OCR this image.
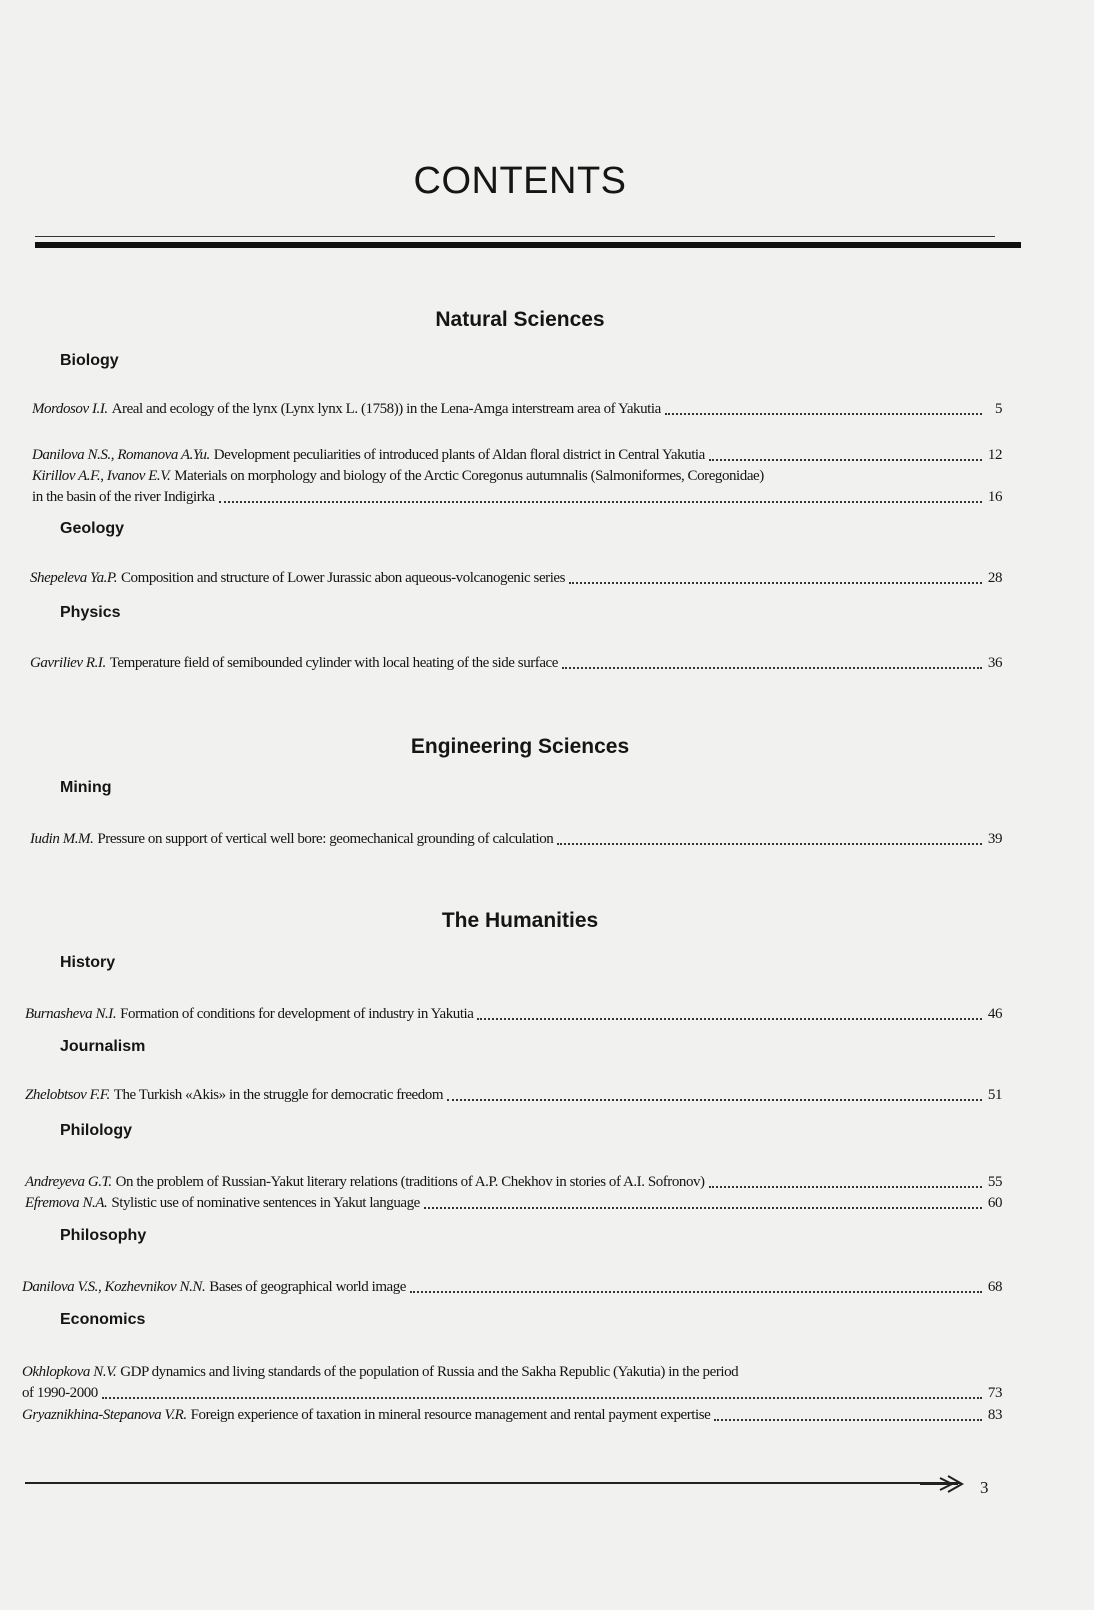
CONTENTS
Natural Sciences
Biology
Mordosov I.I. Areal and ecology of the lynx (Lynx lynx L. (1758)) in the Lena-Amga interstream area of Yakutia	5
Danilova N.S., Romanova A.Yu. Development peculiarities of introduced plants of Aldan floral district in Central Yakutia	12
Kirillov A.F., Ivanov E.V. Materials on morphology and biology of the Arctic Coregonus autumnalis (Salmoniformes, Coregonidae)
in the basin of the river Indigirka	16
Geology
Shepeleva Ya.P. Composition and structure of Lower Jurassic abon aqueous-volcanogenic series	28
Physics
Gavriliev R.I. Temperature field of semibounded cylinder with local heating of the side surface	36
Engineering Sciences
Mining
Iudin M.M. Pressure on support of vertical well bore: geomechanical grounding of calculation	39
The Humanities
History
Burnasheva N.I. Formation of conditions for development of industry in Yakutia	46
Journalism
Zhelobtsov F.F. The Turkish «Akis» in the struggle for democratic freedom	51
Philology
Andreyeva G.T. On the problem of Russian-Yakut literary relations (traditions of A.P. Chekhov in stories of A.I. Sofronov)	55
Efremova N.A. Stylistic use of nominative sentences in Yakut language	60
Philosophy
Danilova V.S., Kozhevnikov N.N. Bases of geographical world image	68
Economics
Okhlopkova N.V. GDP dynamics and living standards of the population of Russia and the Sakha Republic (Yakutia) in the period
of 1990-2000	73
Gryaznikhina-Stepanova V.R. Foreign experience of taxation in mineral resource management and rental payment expertise	83
3
